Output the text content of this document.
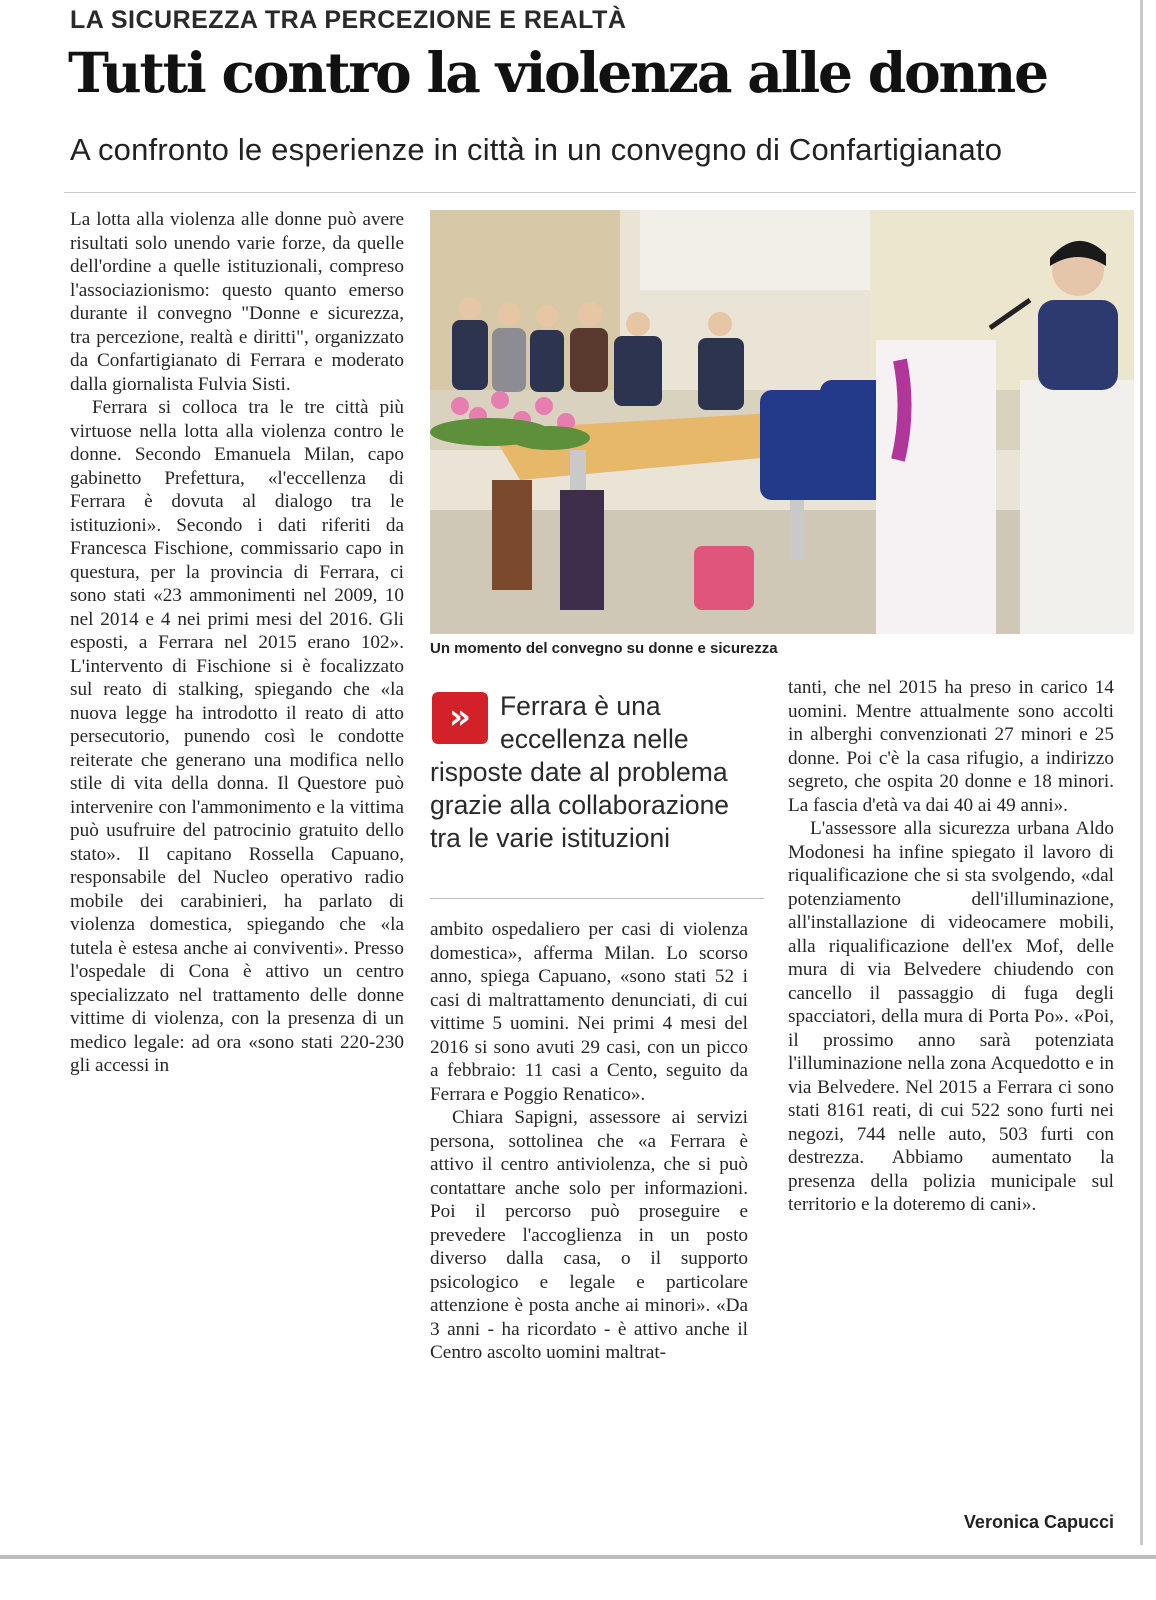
LA SICUREZZA TRA PERCEZIONE E REALTÀ
Tutti contro la violenza alle donne
A confronto le esperienze in città in un convegno di Confartigianato

La lotta alla violenza alle donne può avere risultati solo unendo varie forze, da quelle dell'ordine a quelle istituzionali, compreso l'associazionismo: questo quanto emerso durante il convegno "Donne e sicurezza, tra percezione, realtà e diritti", organizzato da Confartigianato di Ferrara e moderato dalla giornalista Fulvia Sisti.

Ferrara si colloca tra le tre città più virtuose nella lotta alla violenza contro le donne. Secondo Emanuela Milan, capo gabinetto Prefettura, «l'eccellenza di Ferrara è dovuta al dialogo tra le istituzioni». Secondo i dati riferiti da Francesca Fischione, commissario capo in questura, per la provincia di Ferrara, ci sono stati «23 ammonimenti nel 2009, 10 nel 2014 e 4 nei primi mesi del 2016. Gli esposti, a Ferrara nel 2015 erano 102». L'intervento di Fischione si è focalizzato sul reato di stalking, spiegando che «la nuova legge ha introdotto il reato di atto persecutorio, punendo così le condotte reiterate che generano una modifica nello stile di vita della donna. Il Questore può intervenire con l'ammonimento e la vittima può usufruire del patrocinio gratuito dello stato». Il capitano Rossella Capuano, responsabile del Nucleo operativo radio mobile dei carabinieri, ha parlato di violenza domestica, spiegando che «la tutela è estesa anche ai conviventi». Presso l'ospedale di Cona è attivo un centro specializzato nel trattamento delle donne vittime di violenza, con la presenza di un medico legale: ad ora «sono stati 220-230 gli accessi in

Un momento del convegno su donne e sicurezza
»	Ferrara è una
eccellenza nelle
risposte date al problema
grazie alla collaborazione
tra le varie istituzioni

ambito ospedaliero per casi di violenza domestica», afferma Milan. Lo scorso anno, spiega Capuano, «sono stati 52 i casi di maltrattamento denunciati, di cui vittime 5 uomini. Nei primi 4 mesi del 2016 si sono avuti 29 casi, con un picco a febbraio: 11 casi a Cento, seguito da Ferrara e Poggio Renatico».

Chiara Sapigni, assessore ai servizi persona, sottolinea che «a Ferrara è attivo il centro antiviolenza, che si può contattare anche solo per informazioni. Poi il percorso può proseguire e prevedere l'accoglienza in un posto diverso dalla casa, o il supporto psicologico e legale e particolare attenzione è posta anche ai minori». «Da 3 anni - ha ricordato - è attivo anche il Centro ascolto uomini maltrat-

tanti, che nel 2015 ha preso in carico 14 uomini. Mentre attualmente sono accolti in alberghi convenzionati 27 minori e 25 donne. Poi c'è la casa rifugio, a indirizzo segreto, che ospita 20 donne e 18 minori. La fascia d'età va dai 40 ai 49 anni».

L'assessore alla sicurezza urbana Aldo Modonesi ha infine spiegato il lavoro di riqualificazione che si sta svolgendo, «dal potenziamento dell'illuminazione, all'installazione di videocamere mobili, alla riqualificazione dell'ex Mof, delle mura di via Belvedere chiudendo con cancello il passaggio di fuga degli spacciatori, della mura di Porta Po». «Poi, il prossimo anno sarà potenziata l'illuminazione nella zona Acquedotto e in via Belvedere. Nel 2015 a Ferrara ci sono stati 8161 reati, di cui 522 sono furti nei negozi, 744 nelle auto, 503 furti con destrezza. Abbiamo aumentato la presenza della polizia municipale sul territorio e la doteremo di cani».

Veronica Capucci
